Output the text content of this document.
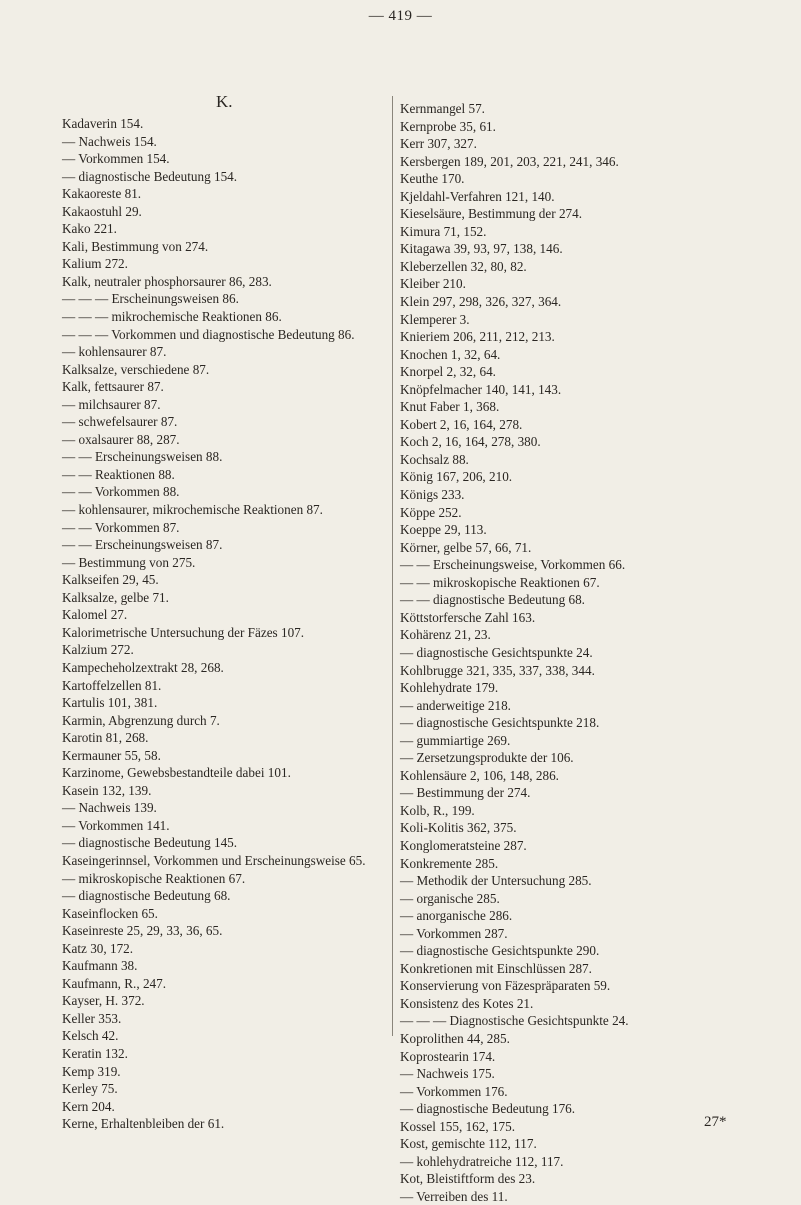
— 419 —
K.
Kadaverin 154.
— Nachweis 154.
— Vorkommen 154.
— diagnostische Bedeutung 154.
Kakaoreste 81.
Kakaostuhl 29.
Kako 221.
Kali, Bestimmung von 274.
Kalium 272.
Kalk, neutraler phosphorsaurer 86, 283.
— — — Erscheinungsweisen 86.
— — — mikrochemische Reaktionen 86.
— — — Vorkommen und diagnostische Bedeutung 86.
— kohlensaurer 87.
Kalksalze, verschiedene 87.
Kalk, fettsaurer 87.
— milchsaurer 87.
— schwefelsaurer 87.
— oxalsaurer 88, 287.
— — Erscheinungsweisen 88.
— — Reaktionen 88.
— — Vorkommen 88.
— kohlensaurer, mikrochemische Reaktionen 87.
— — Vorkommen 87.
— — Erscheinungsweisen 87.
— Bestimmung von 275.
Kalkseifen 29, 45.
Kalksalze, gelbe 71.
Kalomel 27.
Kalorimetrische Untersuchung der Fäzes 107.
Kalzium 272.
Kampecheholzextrakt 28, 268.
Kartoffelzellen 81.
Kartulis 101, 381.
Karmin, Abgrenzung durch 7.
Karotin 81, 268.
Kermauner 55, 58.
Karzinome, Gewebsbestandteile dabei 101.
Kasein 132, 139.
— Nachweis 139.
— Vorkommen 141.
— diagnostische Bedeutung 145.
Kaseingerinnsel, Vorkommen und Erscheinungsweise 65.
— mikroskopische Reaktionen 67.
— diagnostische Bedeutung 68.
Kaseinflocken 65.
Kaseinreste 25, 29, 33, 36, 65.
Katz 30, 172.
Kaufmann 38.
Kaufmann, R., 247.
Kayser, H. 372.
Keller 353.
Kelsch 42.
Keratin 132.
Kemp 319.
Kerley 75.
Kern 204.
Kerne, Erhaltenbleiben der 61.
Kernmangel 57.
Kernprobe 35, 61.
Kerr 307, 327.
Kersbergen 189, 201, 203, 221, 241, 346.
Keuthe 170.
Kjeldahl-Verfahren 121, 140.
Kieselsäure, Bestimmung der 274.
Kimura 71, 152.
Kitagawa 39, 93, 97, 138, 146.
Kleberzellen 32, 80, 82.
Kleiber 210.
Klein 297, 298, 326, 327, 364.
Klemperer 3.
Knieriem 206, 211, 212, 213.
Knochen 1, 32, 64.
Knorpel 2, 32, 64.
Knöpfelmacher 140, 141, 143.
Knut Faber 1, 368.
Kobert 2, 16, 164, 278.
Koch 2, 16, 164, 278, 380.
Kochsalz 88.
König 167, 206, 210.
Königs 233.
Köppe 252.
Koeppe 29, 113.
Körner, gelbe 57, 66, 71.
— — Erscheinungsweise, Vorkommen 66.
— — mikroskopische Reaktionen 67.
— — diagnostische Bedeutung 68.
Köttstorfersche Zahl 163.
Kohärenz 21, 23.
— diagnostische Gesichtspunkte 24.
Kohlbrugge 321, 335, 337, 338, 344.
Kohlehydrate 179.
— anderweitige 218.
— diagnostische Gesichtspunkte 218.
— gummiartige 269.
— Zersetzungsprodukte der 106.
Kohlensäure 2, 106, 148, 286.
— Bestimmung der 274.
Kolb, R., 199.
Koli-Kolitis 362, 375.
Konglomeratsteine 287.
Konkremente 285.
— Methodik der Untersuchung 285.
— organische 285.
— anorganische 286.
— Vorkommen 287.
— diagnostische Gesichtspunkte 290.
Konkretionen mit Einschlüssen 287.
Konservierung von Fäzespräparaten 59.
Konsistenz des Kotes 21.
— — — Diagnostische Gesichtspunkte 24.
Koprolithen 44, 285.
Koprostearin 174.
— Nachweis 175.
— Vorkommen 176.
— diagnostische Bedeutung 176.
Kossel 155, 162, 175.
Kost, gemischte 112, 117.
— kohlehydratreiche 112, 117.
Kot, Bleistiftform des 23.
— Verreiben des 11.
27*
